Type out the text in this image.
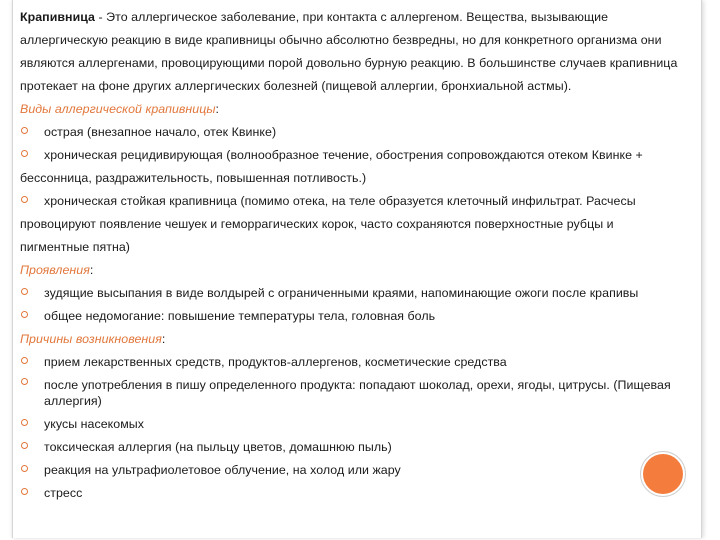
Крапивница - Это аллергическое заболевание, при контакта с аллергеном. Вещества, вызывающие аллергическую реакцию в виде крапивницы обычно абсолютно безвредны, но для конкретного организма они являются аллергенами, провоцирующими порой довольно бурную реакцию. В большинстве случаев крапивница протекает на фоне других аллергических болезней (пищевой аллергии, бронхиальной астмы).

Виды аллергической крапивницы:

острая (внезапное начало, отек Квинке)

хроническая рецидивирующая (волнообразное течение, обострения сопровождаются отеком Квинке + бессонница, раздражительность, повышенная потливость.)

хроническая стойкая крапивница (помимо отека, на теле образуется клеточный инфильтрат. Расчесы провоцируют появление чешуек и геморрагических корок, часто сохраняются поверхностные рубцы и пигментные пятна)

Проявления:

зудящие высыпания в виде волдырей с ограниченными краями, напоминающие ожоги после крапивы

общее недомогание: повышение температуры тела, головная боль

Причины возникновения:

прием лекарственных средств, продуктов-аллергенов, косметические средства

после употребления в пишу определенного продукта: попадают шоколад, орехи, ягоды, цитрусы. (Пищевая аллергия)

укусы насекомых

токсическая аллергия (на пыльцу цветов, домашнюю пыль)

реакция на ультрафиолетовое облучение, на холод или жару

стресс
